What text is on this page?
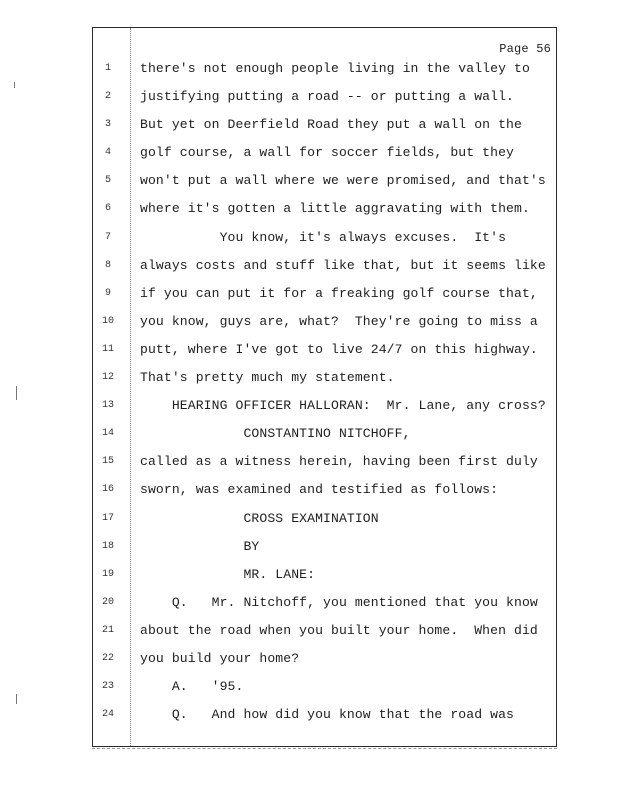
Page 56
1	there's not enough people living in the valley to
2	justifying putting a road -- or putting a wall.
3	But yet on Deerfield Road they put a wall on the
4	golf course, a wall for soccer fields, but they
5	won't put a wall where we were promised, and that's
6	where it's gotten a little aggravating with them.
7	You know, it's always excuses.  It's
8	always costs and stuff like that, but it seems like
9	if you can put it for a freaking golf course that,
10	you know, guys are, what?  They're going to miss a
11	putt, where I've got to live 24/7 on this highway.
12	That's pretty much my statement.
13	HEARING OFFICER HALLORAN:  Mr. Lane, any cross?
14	CONSTANTINO NITCHOFF,
15	called as a witness herein, having been first duly
16	sworn, was examined and testified as follows:
17	CROSS EXAMINATION
18	BY
19	MR. LANE:
20	Q.   Mr. Nitchoff, you mentioned that you know
21	about the road when you built your home.  When did
22	you build your home?
23	A.   '95.
24	Q.   And how did you know that the road was
